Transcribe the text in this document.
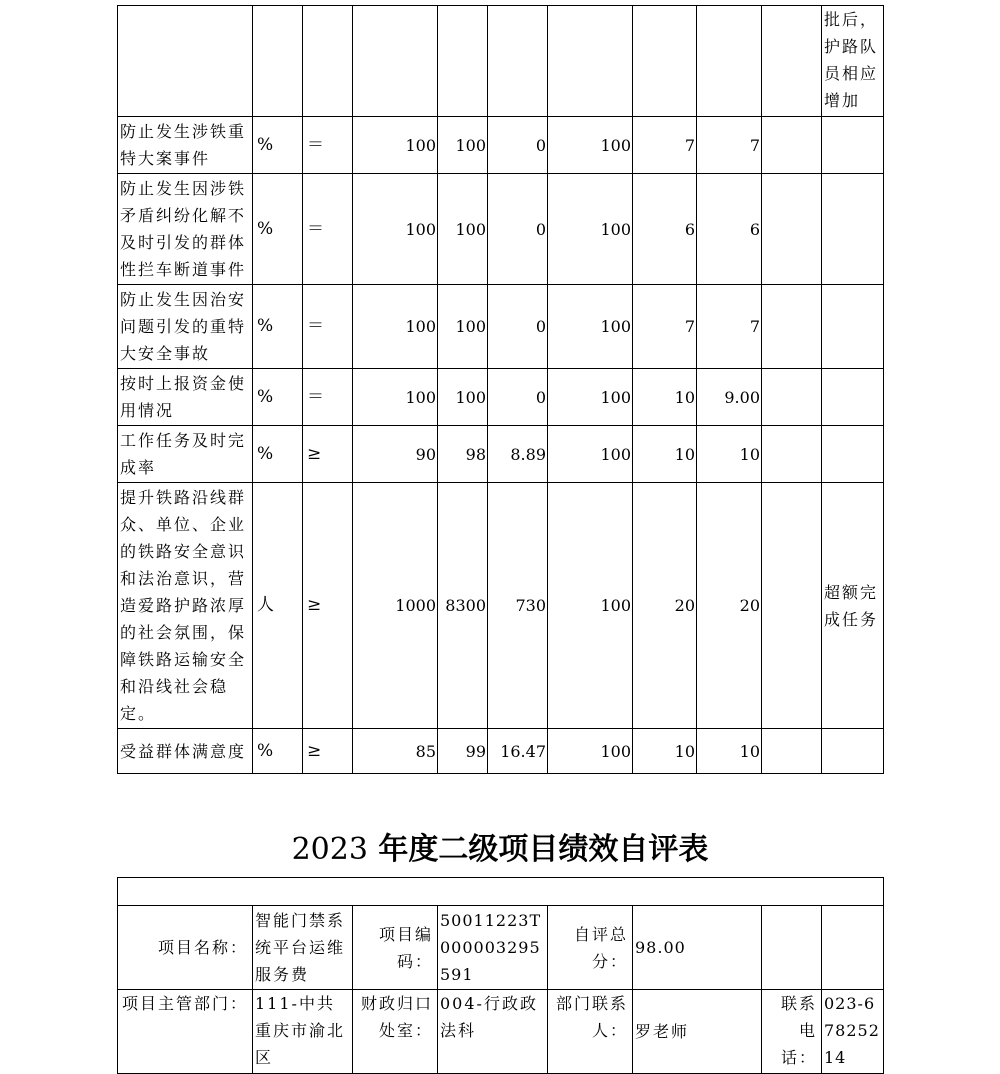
										批后，护路队员相应增加
防止发生涉铁重特大案事件	%	＝	100	100	0	100	7	7		
防止发生因涉铁矛盾纠纷化解不及时引发的群体性拦车断道事件	%	＝	100	100	0	100	6	6		
防止发生因治安问题引发的重特大安全事故	%	＝	100	100	0	100	7	7		
按时上报资金使用情况	%	＝	100	100	0	100	10	9.00		
工作任务及时完成率	%	≥	90	98	8.89	100	10	10		
提升铁路沿线群众、单位、企业的铁路安全意识和法治意识，营造爱路护路浓厚的社会氛围，保障铁路运输安全和沿线社会稳定。	人	≥	1000	8300	730	100	20	20		超额完成任务
受益群体满意度	%	≥	85	99	16.47	100	10	10		
2023 年度二级项目绩效自评表

项目名称：	智能门禁系统平台运维服务费	项目编码：	50011223T000003295591	自评总分：	98.00		
项目主管部门：	111-中共重庆市渝北区	财政归口处室：	004-行政政法科	部门联系人：	罗老师	联系电话：	023-67825214
